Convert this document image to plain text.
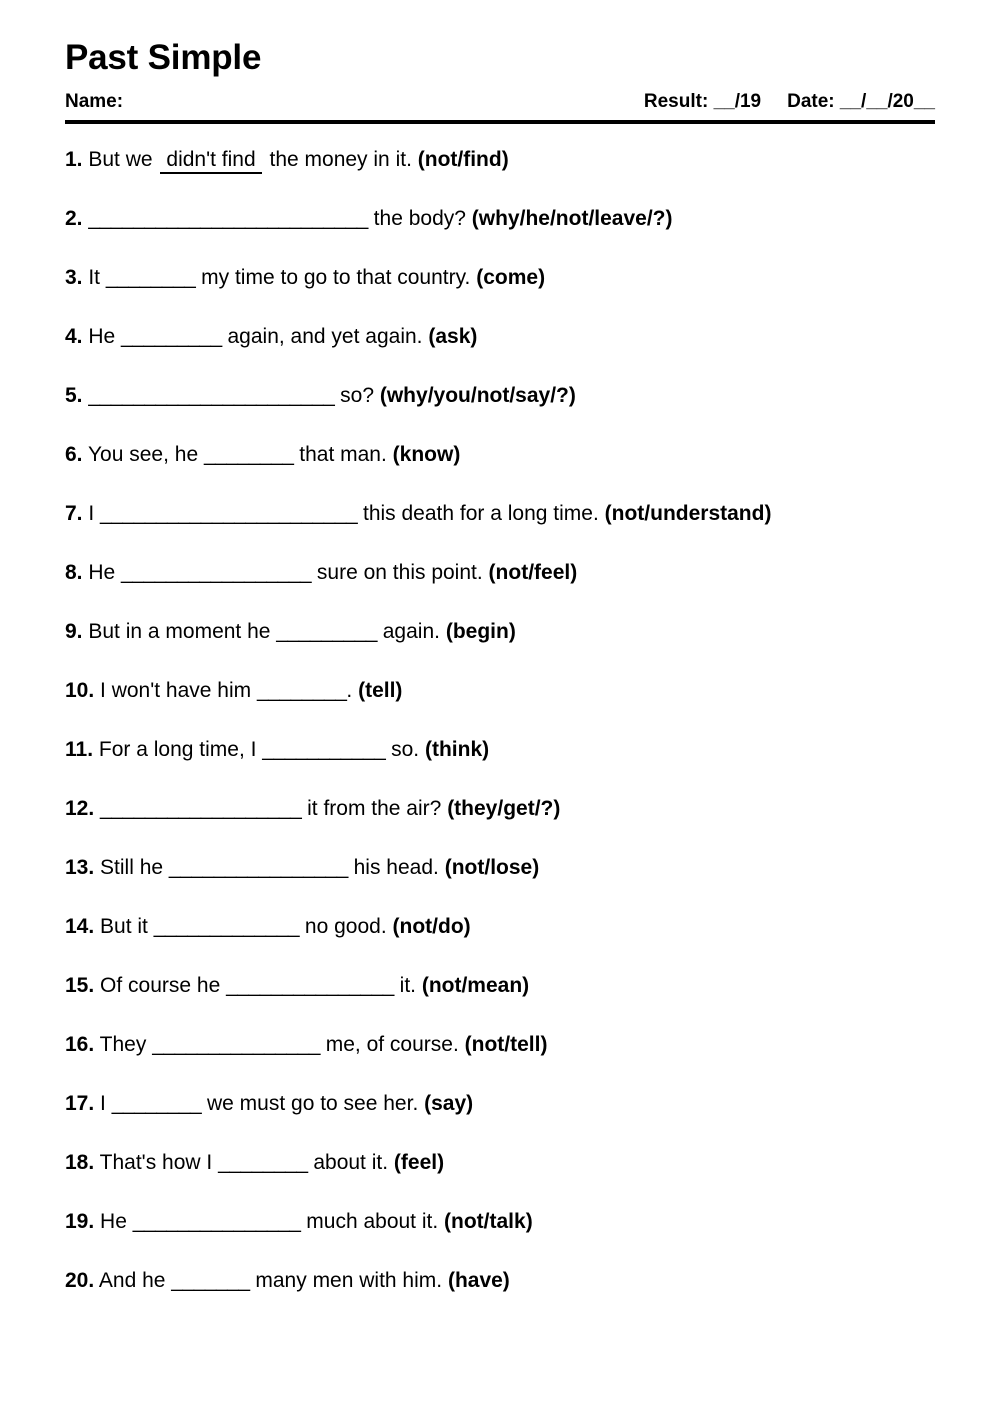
Past Simple
Name:	Result: __/19 Date: __/__/20__
1. But we didn't find the money in it. (not/find)
2. _________________________ the body? (why/he/not/leave/?)
3. It ________ my time to go to that country. (come)
4. He _________ again, and yet again. (ask)
5. ______________________ so? (why/you/not/say/?)
6. You see, he ________ that man. (know)
7. I _______________________ this death for a long time. (not/understand)
8. He _________________ sure on this point. (not/feel)
9. But in a moment he _________ again. (begin)
10. I won't have him ________. (tell)
11. For a long time, I ___________ so. (think)
12. __________________ it from the air? (they/get/?)
13. Still he ________________ his head. (not/lose)
14. But it _____________ no good. (not/do)
15. Of course he _______________ it. (not/mean)
16. They _______________ me, of course. (not/tell)
17. I ________ we must go to see her. (say)
18. That's how I ________ about it. (feel)
19. He _______________ much about it. (not/talk)
20. And he _______ many men with him. (have)
